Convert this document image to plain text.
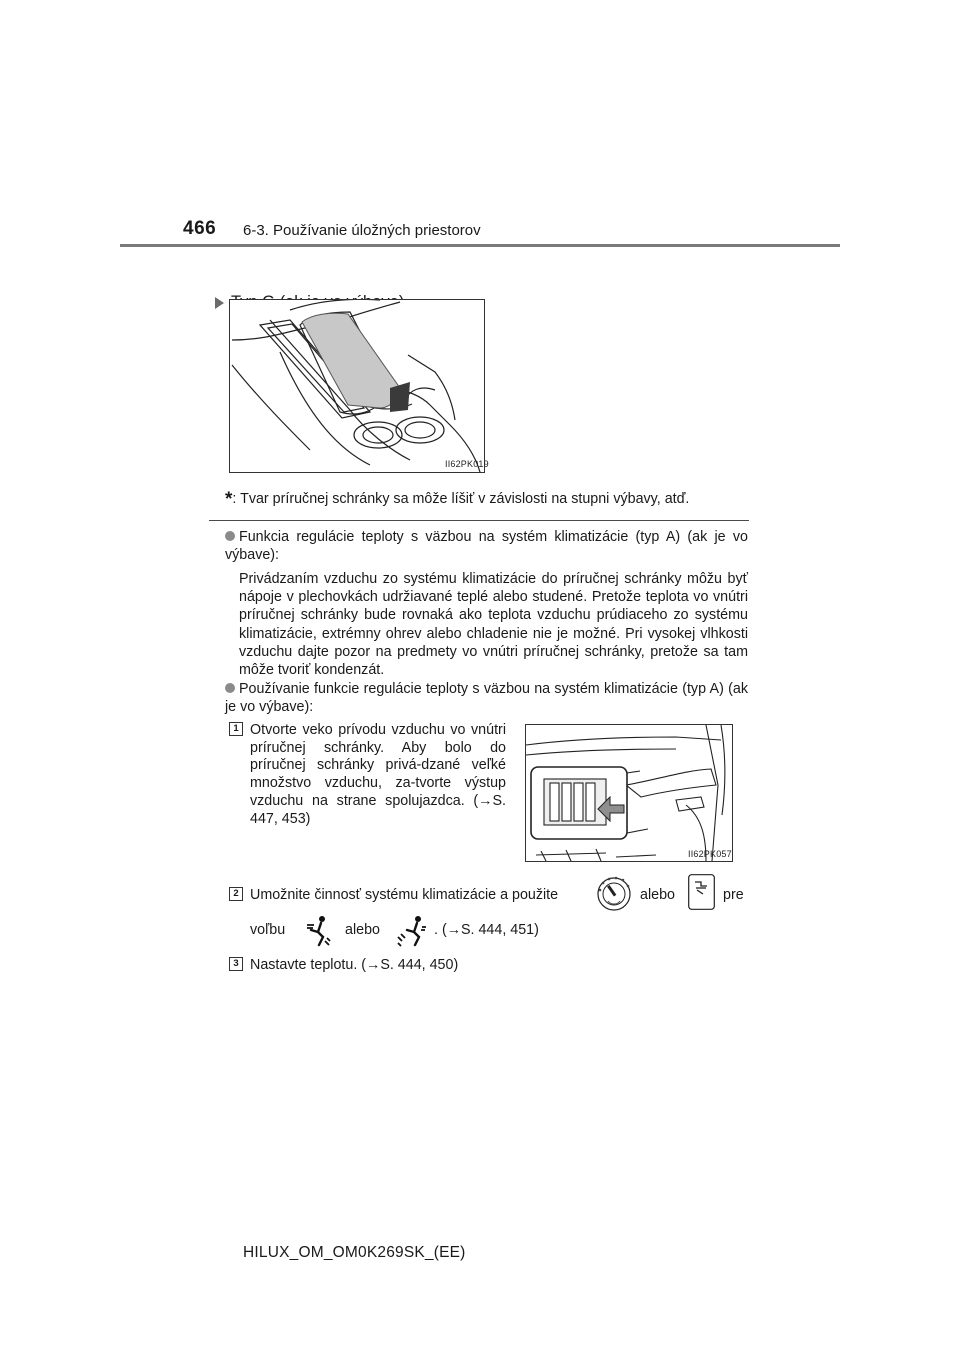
466 6-3. Používanie úložných priestorov
II62PK019
*: Tvar príručnej schránky sa môže líšiť v závislosti na stupni výbavy, atď.
Funkcia regulácie teploty s väzbou na systém klimatizácie (typ A) (ak je vo výbave):
Privádzaním vzduchu zo systému klimatizácie do príručnej schránky môžu byť nápoje v plechovkách udržiavané teplé alebo studené. Pretože teplota vo vnútri príručnej schránky bude rovnaká ako teplota vzduchu prúdiaceho zo systému klimatizácie, extrémny ohrev alebo chladenie nie je možné. Pri vysokej vlhkosti vzduchu dajte pozor na predmety vo vnútri príručnej schránky, pretože sa tam môže tvoriť kondenzát.
Používanie funkcie regulácie teploty s väzbou na systém klimatizácie (typ A) (ak je vo výbave):
1 Otvorte veko prívodu vzduchu vo vnútri príručnej schránky. Aby bolo do príručnej schránky privá-dzané veľké množstvo vzduchu, za-tvorte výstup vzduchu na strane spolujazdca. (→S. 447, 453)
II62PK057
2 Umožnite činnosť systému klimatizácie a použite	alebo	pre
voľbu	alebo	. (→S. 444, 451)
3 Nastavte teplotu. (→S. 444, 450)
HILUX_OM_OM0K269SK_(EE)
